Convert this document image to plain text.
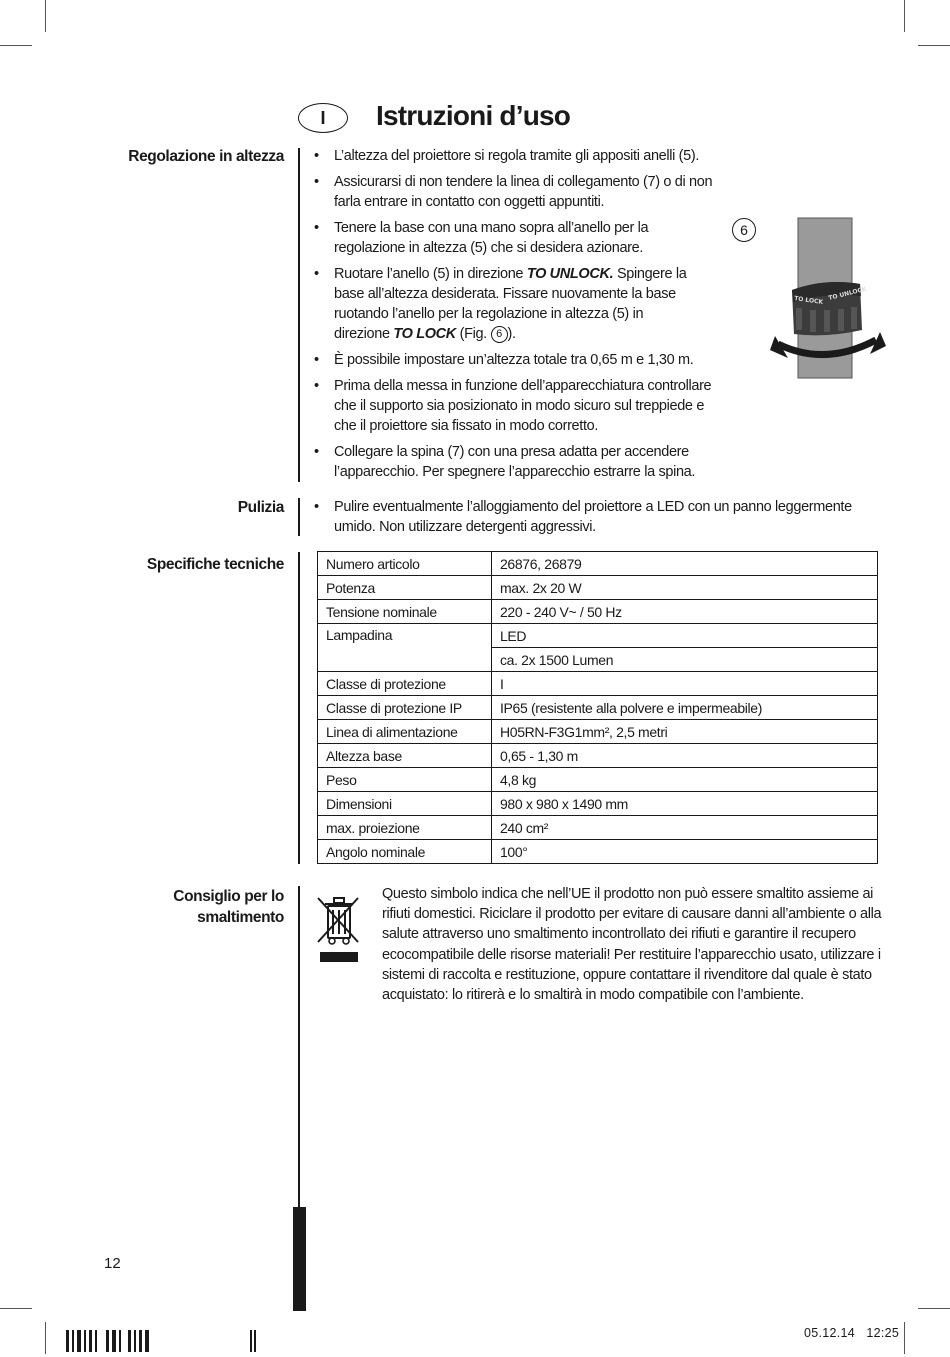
I	Istruzioni d’uso
Regolazione in altezza	• L’altezza del proiettore si regola tramite gli appositi anelli (5).
• Assicurarsi di non tendere la linea di collegamento (7) o di non farla entrare in contatto con oggetti appuntiti.
• Tenere la base con una mano sopra all’anello per la regolazione in altezza (5) che si desidera azionare.
• Ruotare l’anello (5) in direzione TO UNLOCK. Spingere la base all’altezza desiderata. Fissare nuovamente la base ruotando l’anello per la regolazione in altezza (5) in direzione TO LOCK (Fig. 6 ).
• È possibile impostare un’altezza totale tra 0,65 m e 1,30 m.
• Prima della messa in funzione dell’apparecchiatura controllare che il supporto sia posizionato in modo sicuro sul treppiede e che il proiettore sia fissato in modo corretto.
• Collegare la spina (7) con una presa adatta per accendere l’apparecchio. Per spegnere l’apparecchio estrarre la spina.
6
TO LOCK TO UNLOCK
Pulizia	• Pulire eventualmente l’alloggiamento del proiettore a LED con un panno leggermente umido. Non utilizzare detergenti aggressivi.
Specifiche tecniche	Numero articolo	26876, 26879
Potenza	max. 2x 20 W
Tensione nominale	220 - 240 V~ / 50 Hz
Lampadina	LED
	ca. 2x 1500 Lumen
Classe di protezione	I
Classe di protezione IP	IP65 (resistente alla polvere e impermeabile)
Linea di alimentazione	H05RN-F3G1mm², 2,5 metri
Altezza base	0,65 - 1,30 m
Peso	4,8 kg
Dimensioni	980 x 980 x 1490 mm
max. proiezione	240 cm²
Angolo nominale	100°
Consiglio per lo
smaltimento
Questo simbolo indica che nell’UE il prodotto non può essere smaltito assieme ai rifiuti domestici. Riciclare il prodotto per evitare di causare danni all’ambiente o alla salute attraverso uno smaltimento incontrollato dei rifiuti e garantire il recupero ecocompatibile delle risorse materiali! Per restituire l’apparecchio usato, utilizzare i sistemi di raccolta e restituzione, oppure contattare il rivenditore dal quale è stato acquistato: lo ritirerà e lo smaltirà in modo compatibile con l’ambiente.
12
05.12.14   12:25
